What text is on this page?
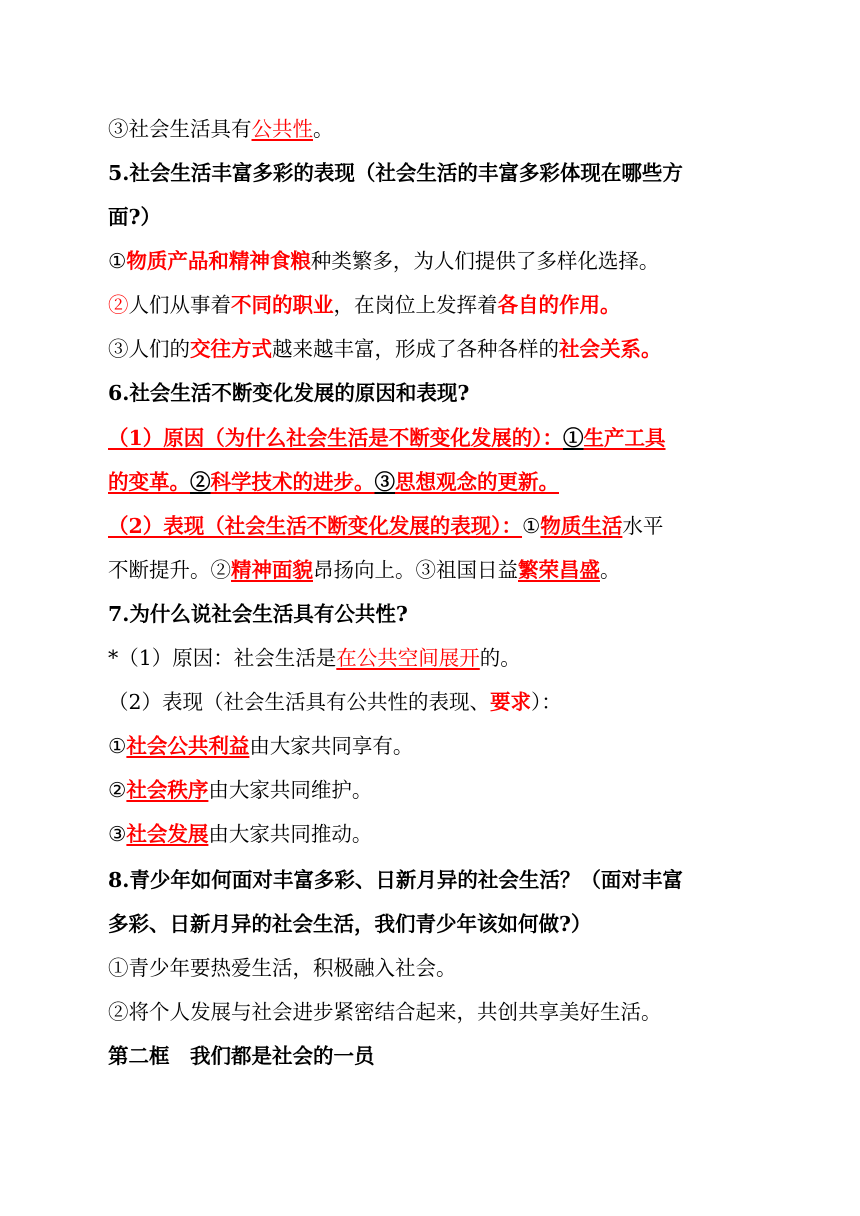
③社会生活具有公共性。
5.社会生活丰富多彩的表现（社会生活的丰富多彩体现在哪些方
面?）
①物质产品和精神食粮种类繁多，为人们提供了多样化选择。
②人们从事着不同的职业，在岗位上发挥着各自的作用。
③人们的交往方式越来越丰富，形成了各种各样的社会关系。
6.社会生活不断变化发展的原因和表现?
（1）原因（为什么社会生活是不断变化发展的）：①生产工具
的变革。②科学技术的进步。③思想观念的更新。
（2）表现（社会生活不断变化发展的表现）：①物质生活水平
不断提升。②精神面貌昂扬向上。③祖国日益繁荣昌盛。
7.为什么说社会生活具有公共性?
*（1）原因：社会生活是在公共空间展开的。
（2）表现（社会生活具有公共性的表现、要求）：
①社会公共利益由大家共同享有。
②社会秩序由大家共同维护。
③社会发展由大家共同推动。
8.青少年如何面对丰富多彩、日新月异的社会生活？（面对丰富
多彩、日新月异的社会生活，我们青少年该如何做?）
①青少年要热爱生活，积极融入社会。
②将个人发展与社会进步紧密结合起来，共创共享美好生活。
第二框　我们都是社会的一员
